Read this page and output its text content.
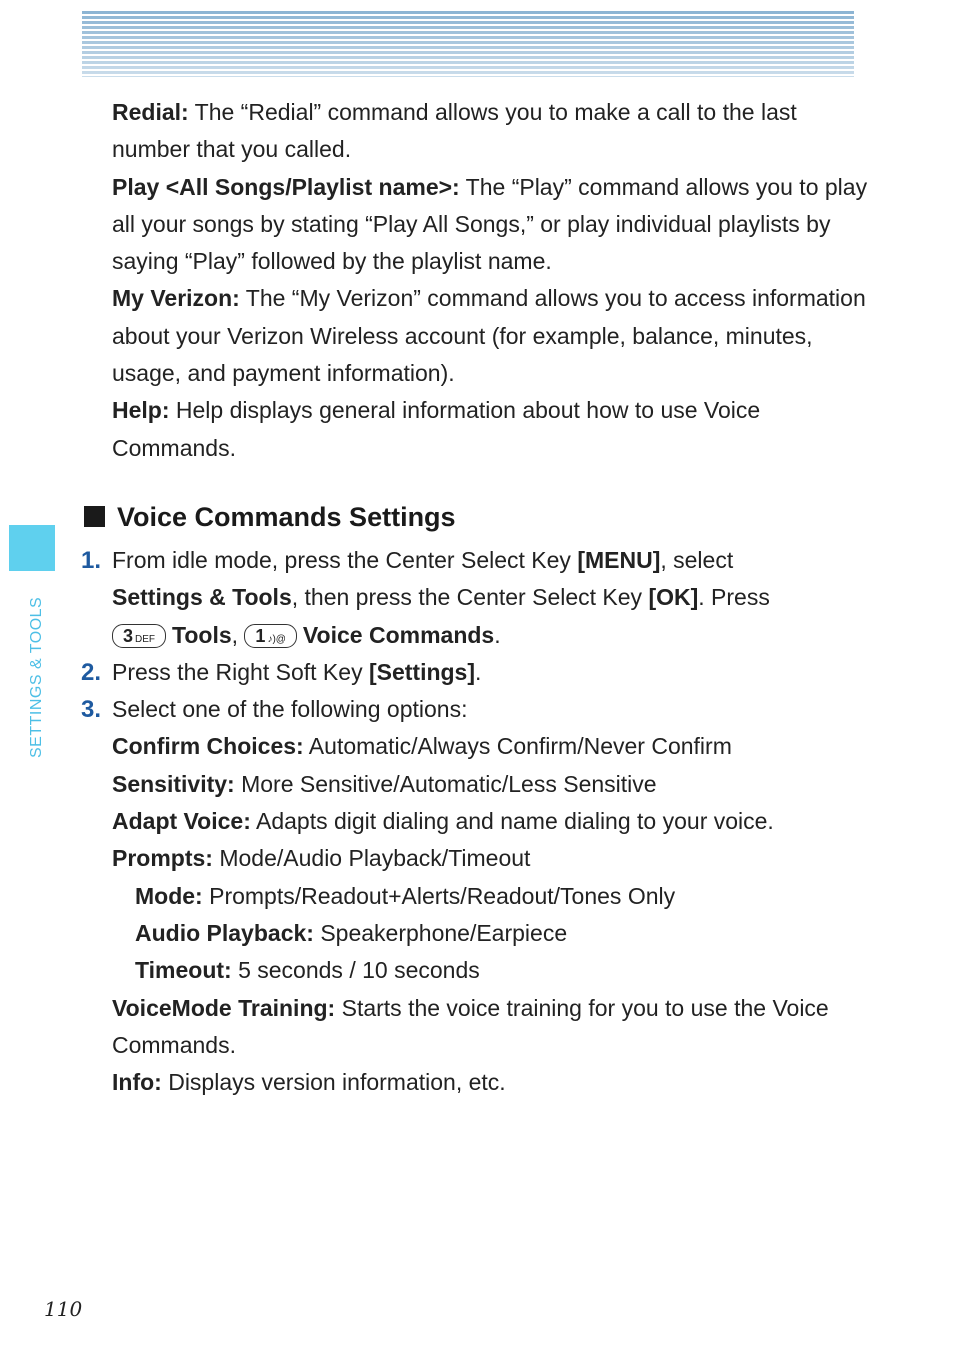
SETTINGS & TOOLS

Redial: The “Redial” command allows you to make a call to the last number that you called.

Play <All Songs/Playlist name>: The “Play” command allows you to play all your songs by stating “Play All Songs,” or play individual playlists by saying “Play” followed by the playlist name.

My Verizon: The “My Verizon” command allows you to access information about your Verizon Wireless account (for example, balance, minutes, usage, and payment information).

Help: Help displays general information about how to use Voice Commands.

Voice Commands Settings
1. From idle mode, press the Center Select Key [MENU], select
Settings & Tools, then press the Center Select Key [OK]. Press
3 DEF Tools, 1 ♪)@ Voice Commands.
2. Press the Right Soft Key [Settings].
3. Select one of the following options:
Confirm Choices: Automatic/Always Confirm/Never Confirm
Sensitivity: More Sensitive/Automatic/Less Sensitive
Adapt Voice: Adapts digit dialing and name dialing to your voice.
Prompts: Mode/Audio Playback/Timeout
Mode: Prompts/Readout+Alerts/Readout/Tones Only
Audio Playback: Speakerphone/Earpiece
Timeout: 5 seconds / 10 seconds
VoiceMode Training: Starts the voice training for you to use the Voice Commands.
Info: Displays version information, etc.
110
